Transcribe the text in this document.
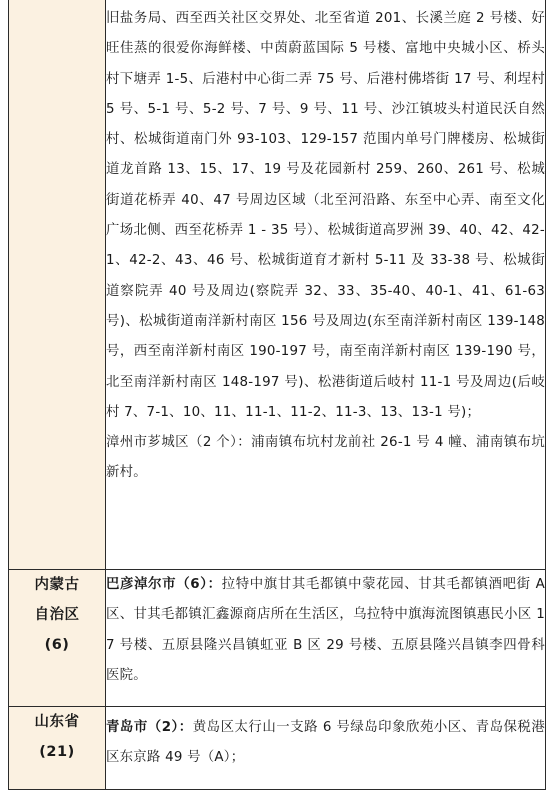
	旧盐务局、西至西关社区交界处、北至省道 201、长溪兰庭 2 号楼、好旺佳蒸的很爱你海鲜楼、中茵蔚蓝国际 5 号楼、富地中央城小区、桥头村下塘弄 1-5、后港村中心街二弄 75 号、后港村佛塔街 17 号、利埕村 5 号、5-1 号、5-2 号、7 号、9 号、11 号、沙江镇坡头村道民沃自然村、松城街道南门外 93-103、129-157 范围内单号门牌楼房、松城街道龙首路 13、15、17、19 号及花园新村 259、260、261 号、松城街道花桥弄 40、47 号周边区域（北至河沿路、东至中心弄、南至文化广场北侧、西至花桥弄 1 - 35 号）、松城街道高罗洲 39、40、42、42-1、42-2、43、46 号、松城街道育才新村 5-11 及 33-38 号、松城街道察院弄 40 号及周边(察院弄 32、33、35-40、40-1、41、61-63 号)、松城街道南洋新村南区 156 号及周边(东至南洋新村南区 139-148 号，西至南洋新村南区 190-197 号，南至南洋新村南区 139-190 号，北至南洋新村南区 148-197 号)、松港街道后岐村 11-1 号及周边(后岐村 7、7-1、10、11、11-1、11-2、11-3、13、13-1 号)；
漳州市芗城区（2 个）：浦南镇布坑村龙前社 26-1 号 4 幢、浦南镇布坑新村。

内蒙古
自治区
(6)	巴彦淖尔市（6）：拉特中旗甘其毛都镇中蒙花园、甘其毛都镇酒吧街 A 区、甘其毛都镇汇鑫源商店所在生活区，乌拉特中旗海流图镇惠民小区 17 号楼、五原县隆兴昌镇虹亚 B 区 29 号楼、五原县隆兴昌镇李四骨科医院。

山东省
(21)	青岛市（2）：黄岛区太行山一支路 6 号绿岛印象欣苑小区、青岛保税港区东京路 49 号（A）；
